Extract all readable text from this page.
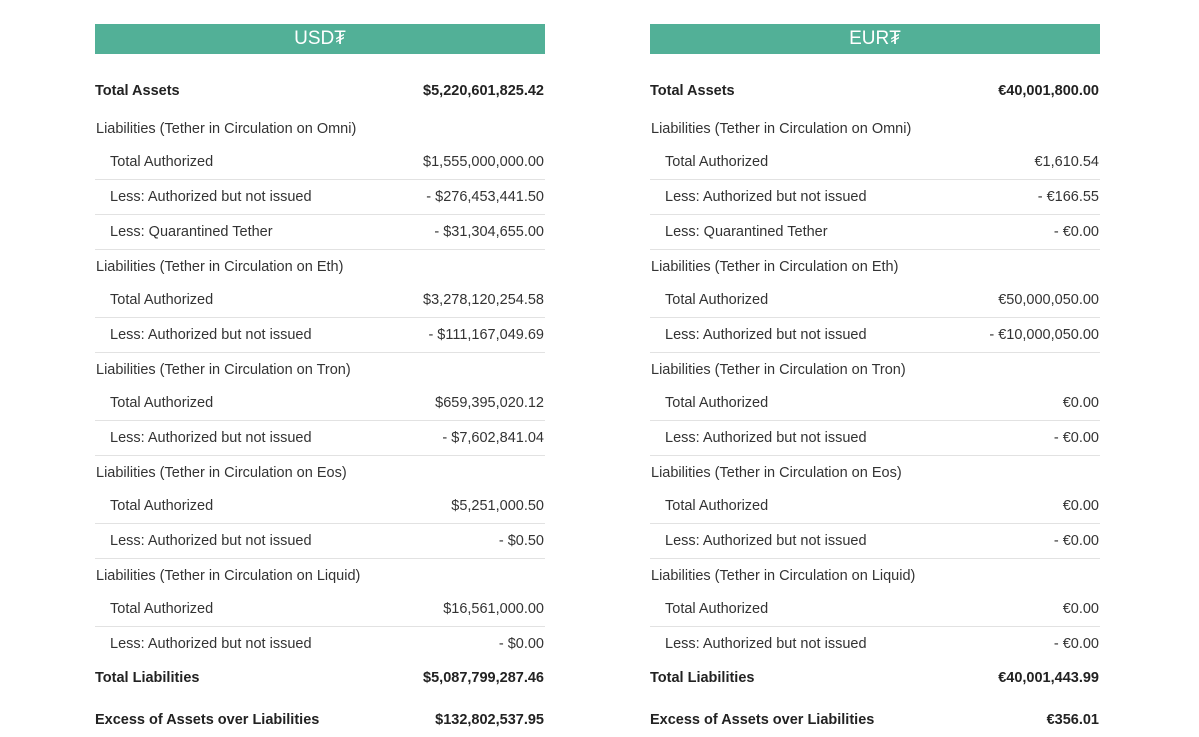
USD₮
Total Assets	$5,220,601,825.42
Liabilities (Tether in Circulation on Omni)
Total Authorized	$1,555,000,000.00
Less: Authorized but not issued	- $276,453,441.50
Less: Quarantined Tether	- $31,304,655.00
Liabilities (Tether in Circulation on Eth)
Total Authorized	$3,278,120,254.58
Less: Authorized but not issued	- $111,167,049.69
Liabilities (Tether in Circulation on Tron)
Total Authorized	$659,395,020.12
Less: Authorized but not issued	- $7,602,841.04
Liabilities (Tether in Circulation on Eos)
Total Authorized	$5,251,000.50
Less: Authorized but not issued	- $0.50
Liabilities (Tether in Circulation on Liquid)
Total Authorized	$16,561,000.00
Less: Authorized but not issued	- $0.00
Total Liabilities	$5,087,799,287.46
Excess of Assets over Liabilities	$132,802,537.95
EUR₮
Total Assets	€40,001,800.00
Liabilities (Tether in Circulation on Omni)
Total Authorized	€1,610.54
Less: Authorized but not issued	- €166.55
Less: Quarantined Tether	- €0.00
Liabilities (Tether in Circulation on Eth)
Total Authorized	€50,000,050.00
Less: Authorized but not issued	- €10,000,050.00
Liabilities (Tether in Circulation on Tron)
Total Authorized	€0.00
Less: Authorized but not issued	- €0.00
Liabilities (Tether in Circulation on Eos)
Total Authorized	€0.00
Less: Authorized but not issued	- €0.00
Liabilities (Tether in Circulation on Liquid)
Total Authorized	€0.00
Less: Authorized but not issued	- €0.00
Total Liabilities	€40,001,443.99
Excess of Assets over Liabilities	€356.01
